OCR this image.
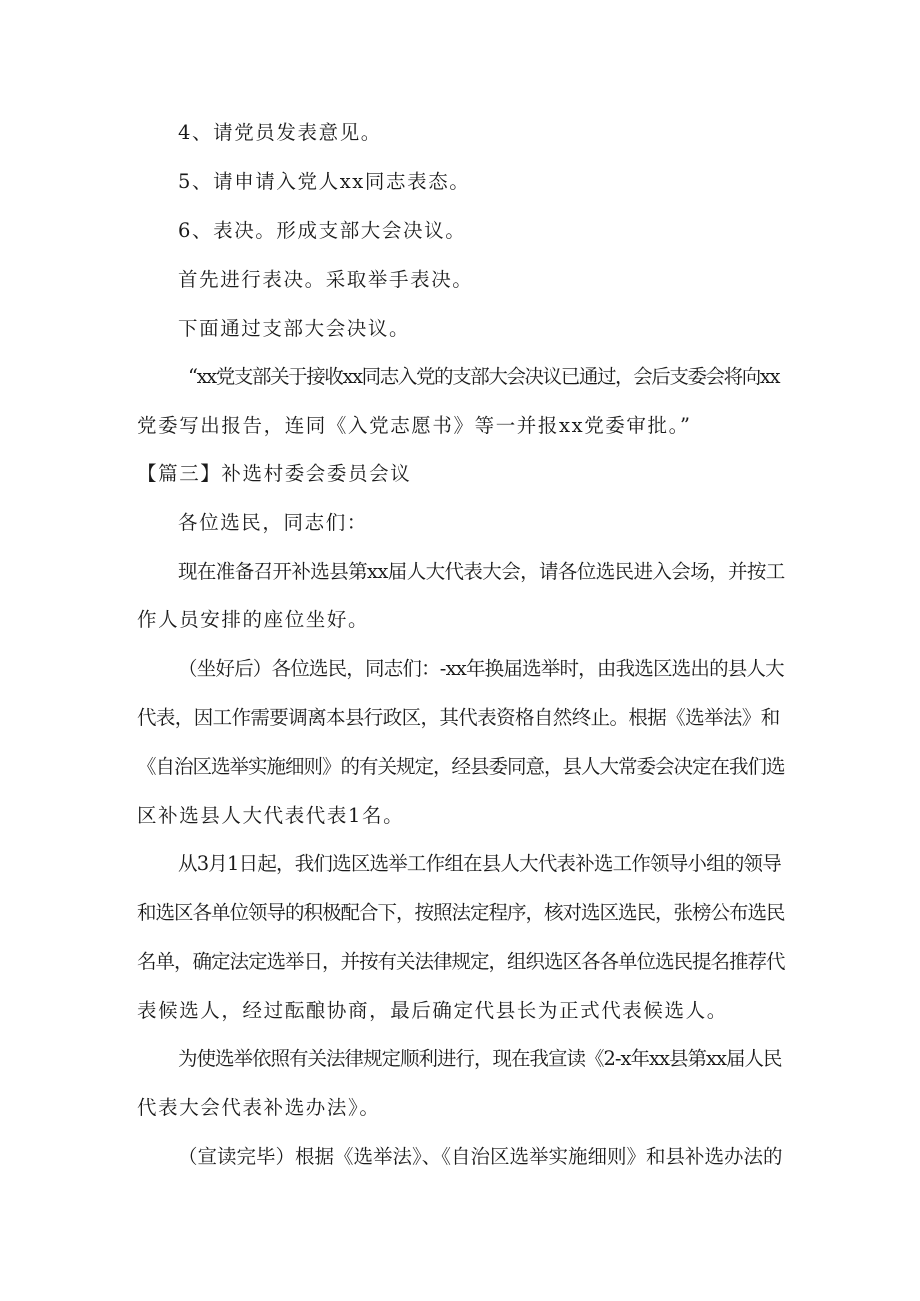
4、请党员发表意见。
5、请申请入党人xx同志表态。
6、表决。形成支部大会决议。
首先进行表决。采取举手表决。
下面通过支部大会决议。
“xx党支部关于接收xx同志入党的支部大会决议已通过，会后支委会将向xx
党委写出报告，连同《入党志愿书》等一并报xx党委审批。”
【篇三】补选村委会委员会议
各位选民，同志们：
现在准备召开补选县第xx届人大代表大会，请各位选民进入会场，并按工
作人员安排的座位坐好。
（坐好后）各位选民，同志们：-xx年换届选举时，由我选区选出的县人大
代表，因工作需要调离本县行政区，其代表资格自然终止。根据《选举法》和
《自治区选举实施细则》的有关规定，经县委同意，县人大常委会决定在我们选
区补选县人大代表代表1名。
从3月1日起，我们选区选举工作组在县人大代表补选工作领导小组的领导
和选区各单位领导的积极配合下，按照法定程序，核对选区选民，张榜公布选民
名单，确定法定选举日，并按有关法律规定，组织选区各各单位选民提名推荐代
表候选人，经过酝酿协商，最后确定代县长为正式代表候选人。
为使选举依照有关法律规定顺利进行，现在我宣读《2-x年xx县第xx届人民
代表大会代表补选办法》。
（宣读完毕）根据《选举法》、《自治区选举实施细则》和县补选办法的
